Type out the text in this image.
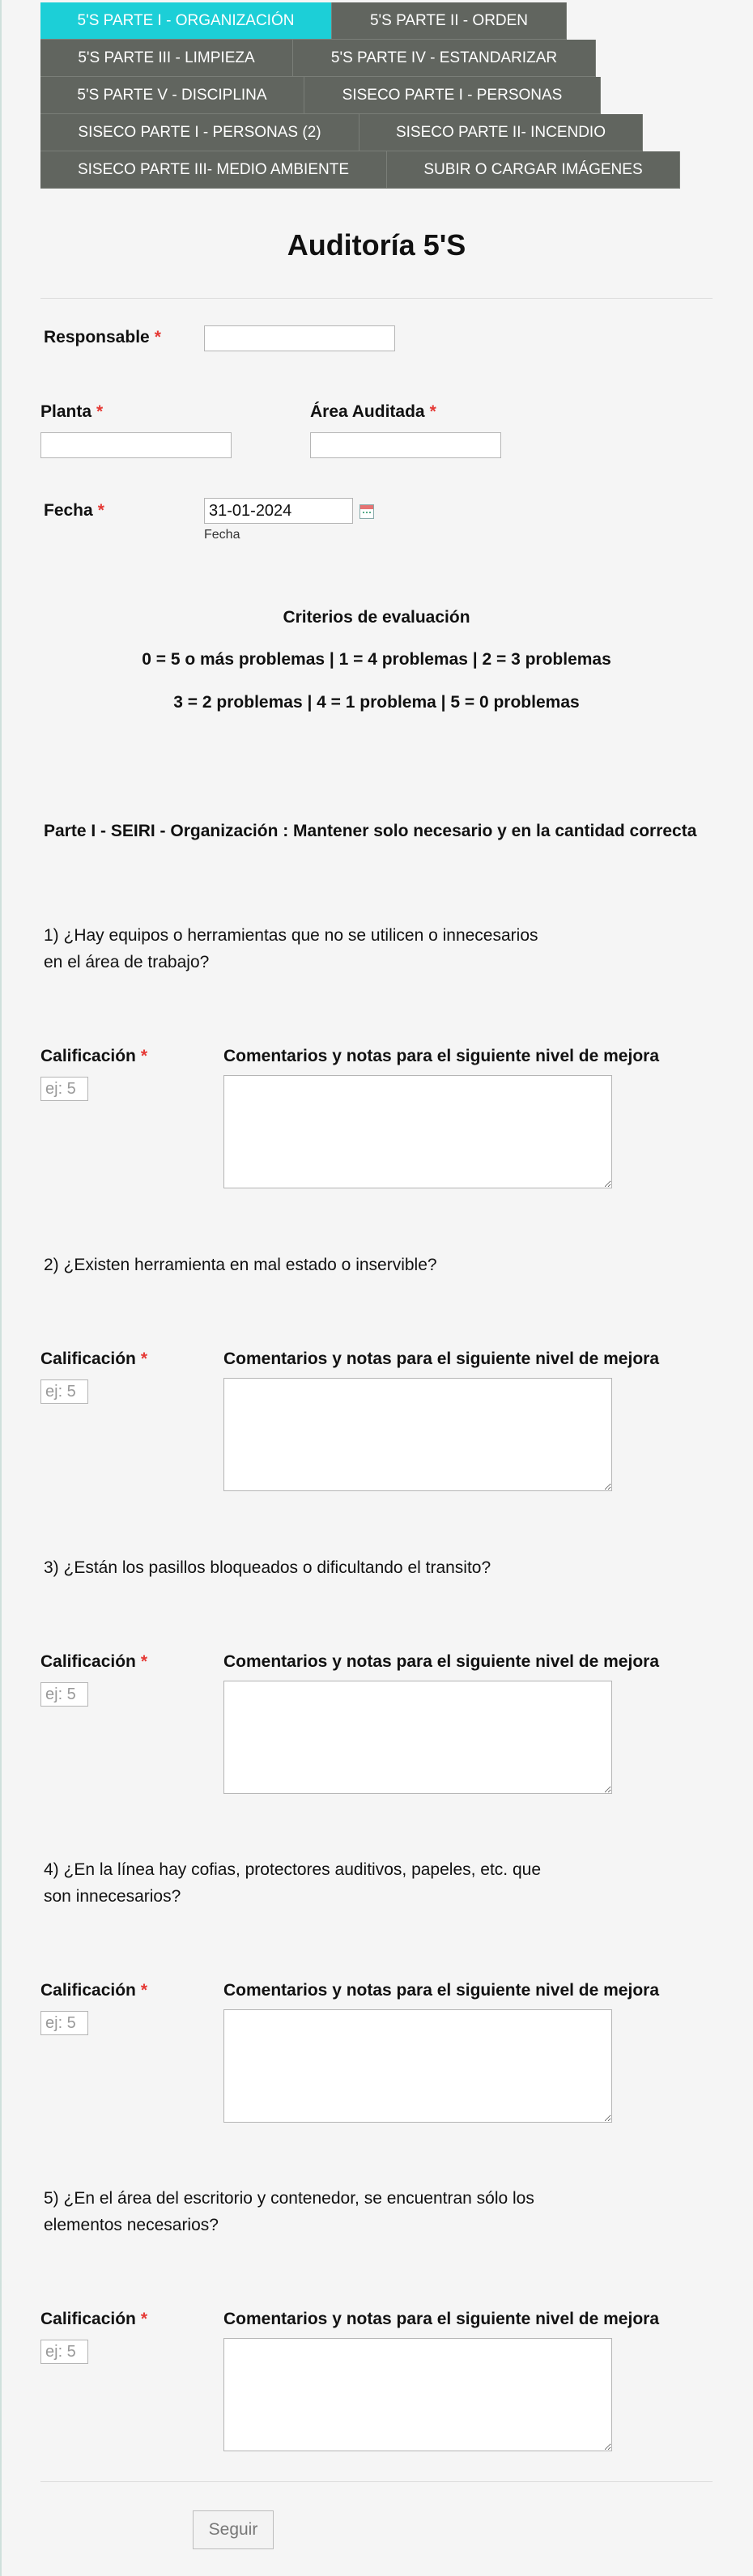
5'S PARTE I - ORGANIZACIÓN	5'S PARTE II - ORDEN
5'S PARTE III - LIMPIEZA	5'S PARTE IV - ESTANDARIZAR
5'S PARTE V - DISCIPLINA	SISECO PARTE I - PERSONAS
SISECO PARTE I - PERSONAS (2)	SISECO PARTE II- INCENDIO
SISECO PARTE III- MEDIO AMBIENTE	SUBIR O CARGAR IMÁGENES
Auditoría 5'S
Responsable *
Planta *	Área Auditada *
Fecha *
31-01-2024
Fecha
Criterios de evaluación
0 = 5 o más problemas | 1 = 4 problemas | 2 = 3 problemas
3 = 2 problemas | 4 = 1 problema | 5 = 0 problemas
Parte I - SEIRI - Organización : Mantener solo necesario y en la cantidad correcta
1) ¿Hay equipos o herramientas que no se utilicen o innecesarios
en el área de trabajo?
Calificación *	Comentarios y notas para el siguiente nivel de mejora
ej: 5
2) ¿Existen herramienta en mal estado o inservible?
Calificación *	Comentarios y notas para el siguiente nivel de mejora
ej: 5
3) ¿Están los pasillos bloqueados o dificultando el transito?
Calificación *	Comentarios y notas para el siguiente nivel de mejora
ej: 5
4) ¿En la línea hay cofias, protectores auditivos, papeles, etc. que
son innecesarios?
Calificación *	Comentarios y notas para el siguiente nivel de mejora
ej: 5
5) ¿En el área del escritorio y contenedor, se encuentran sólo los
elementos necesarios?
Calificación *	Comentarios y notas para el siguiente nivel de mejora
ej: 5
Seguir
